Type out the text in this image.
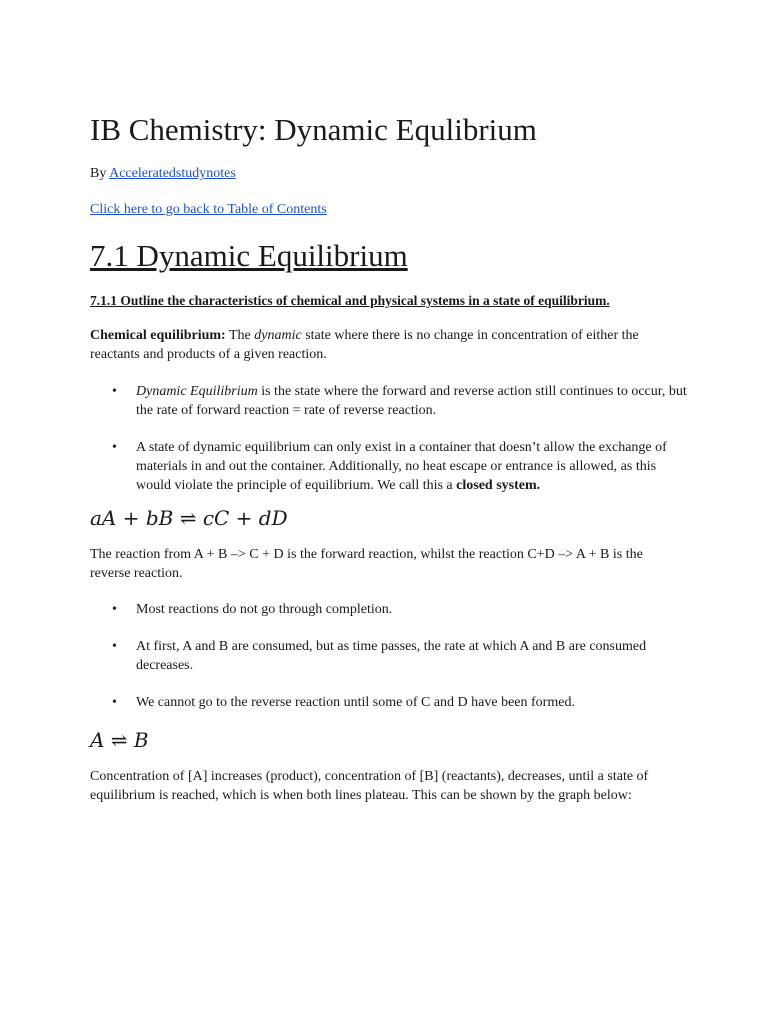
IB Chemistry: Dynamic Equlibrium

By Acceleratedstudynotes

Click here to go back to Table of Contents

7.1 Dynamic Equilibrium
7.1.1 Outline the characteristics of chemical and physical systems in a state of equilibrium.

Chemical equilibrium: The dynamic state where there is no change in concentration of either the reactants and products of a given reaction.

• Dynamic Equilibrium is the state where the forward and reverse action still continues to occur, but the rate of forward reaction = rate of reverse reaction.
• A state of dynamic equilibrium can only exist in a container that doesn’t allow the exchange of materials in and out the container. Additionally, no heat escape or entrance is allowed, as this would violate the principle of equilibrium. We call this a closed system.

aA + bB ⇌ cC + dD

The reaction from A + B –> C + D is the forward reaction, whilst the reaction C+D –> A + B is the reverse reaction.

• Most reactions do not go through completion.
• At first, A and B are consumed, but as time passes, the rate at which A and B are consumed decreases.
• We cannot go to the reverse reaction until some of C and D have been formed.

A ⇌ B

Concentration of [A] increases (product), concentration of [B] (reactants), decreases, until a state of equilibrium is reached, which is when both lines plateau. This can be shown by the graph below:
